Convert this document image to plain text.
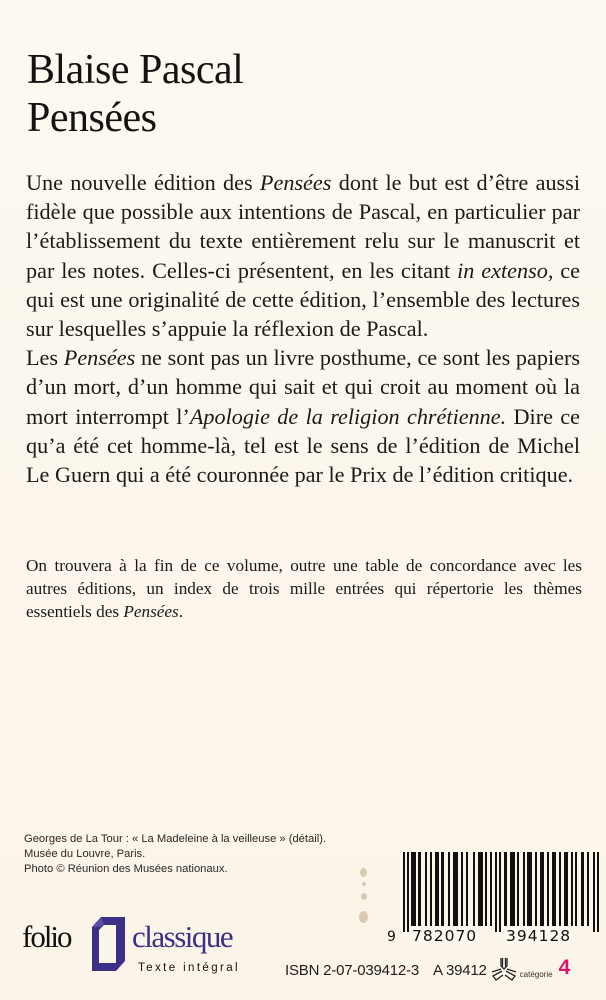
Blaise Pascal
Pensées

Une nouvelle édition des Pensées dont le but est d’être aussi fidèle que possible aux intentions de Pascal, en particulier par l’établissement du texte entièrement relu sur le manuscrit et par les notes. Celles-ci présentent, en les citant in extenso, ce qui est une originalité de cette édition, l’ensemble des lectures sur lesquelles s’appuie la réflexion de Pascal.

Les Pensées ne sont pas un livre posthume, ce sont les papiers d’un mort, d’un homme qui sait et qui croit au moment où la mort interrompt l’Apologie de la religion chrétienne. Dire ce qu’a été cet homme-là, tel est le sens de l’édition de Michel Le Guern qui a été couronnée par le Prix de l’édition critique.

On trouvera à la fin de ce volume, outre une table de concordance avec les autres éditions, un index de trois mille entrées qui répertorie les thèmes essentiels des Pensées.

Georges de La Tour : « La Madeleine à la veilleuse » (détail).
Musée du Louvre, Paris.
Photo © Réunion des Musées nationaux.
folio classique
Texte intégral
9 782070 394128
ISBN 2-07-039412-3 A 39412	catégorie 4
